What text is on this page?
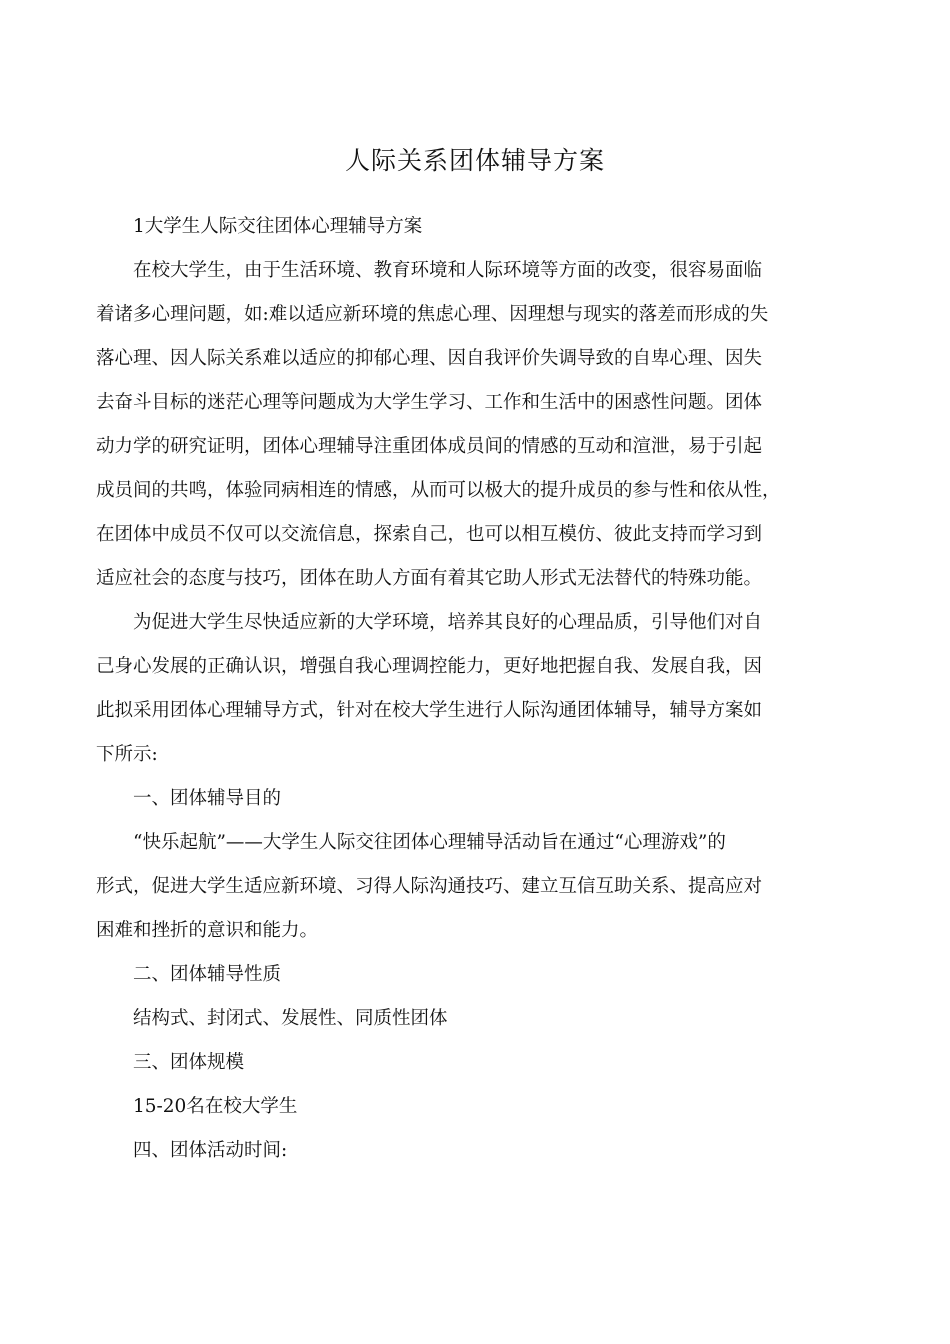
人际关系团体辅导方案

1大学生人际交往团体心理辅导方案

在校大学生，由于生活环境、教育环境和人际环境等方面的改变，很容易面临

着诸多心理问题，如:难以适应新环境的焦虑心理、因理想与现实的落差而形成的失

落心理、因人际关系难以适应的抑郁心理、因自我评价失调导致的自卑心理、因失

去奋斗目标的迷茫心理等问题成为大学生学习、工作和生活中的困惑性问题。团体

动力学的研究证明，团体心理辅导注重团体成员间的情感的互动和渲泄，易于引起

成员间的共鸣，体验同病相连的情感，从而可以极大的提升成员的参与性和依从性，

在团体中成员不仅可以交流信息，探索自己，也可以相互模仿、彼此支持而学习到

适应社会的态度与技巧，团体在助人方面有着其它助人形式无法替代的特殊功能。

为促进大学生尽快适应新的大学环境，培养其良好的心理品质，引导他们对自

己身心发展的正确认识，增强自我心理调控能力，更好地把握自我、发展自我，因

此拟采用团体心理辅导方式，针对在校大学生进行人际沟通团体辅导，辅导方案如

下所示:

一、团体辅导目的

“快乐起航”——大学生人际交往团体心理辅导活动旨在通过“心理游戏”的

形式，促进大学生适应新环境、习得人际沟通技巧、建立互信互助关系、提高应对

困难和挫折的意识和能力。

二、团体辅导性质

结构式、封闭式、发展性、同质性团体

三、团体规模

15-20名在校大学生

四、团体活动时间:
